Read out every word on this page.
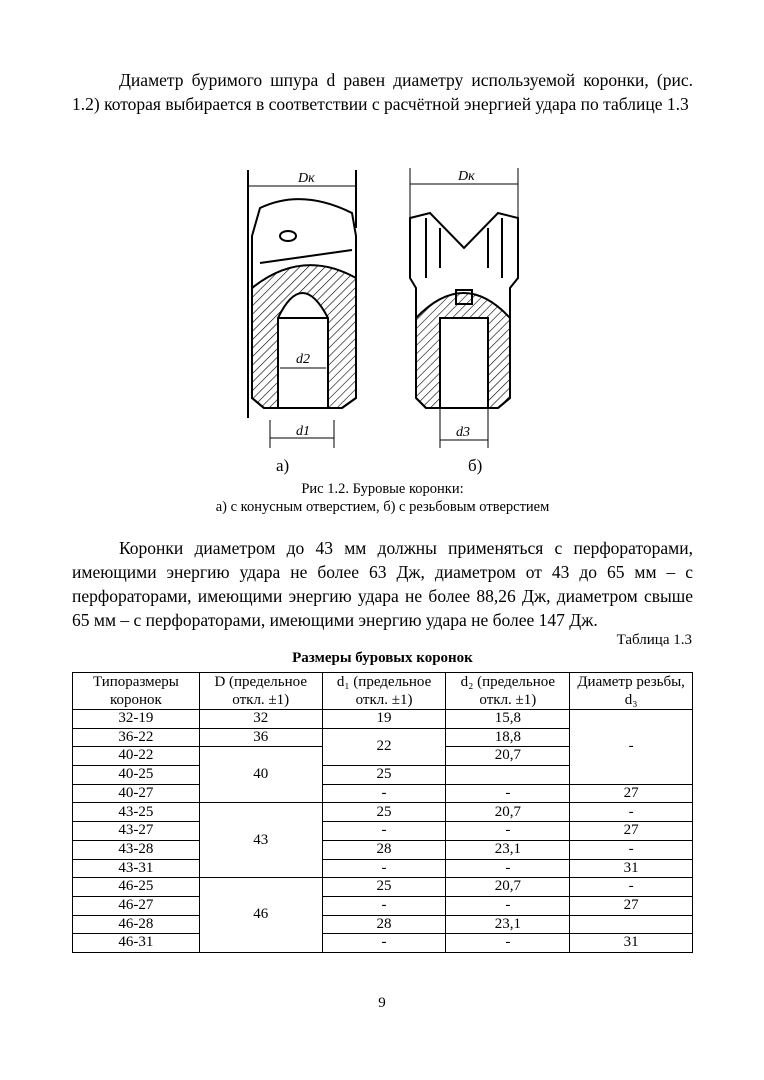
Диаметр буримого шпура d равен диаметру используемой коронки, (рис. 1.2) которая выбирается в соответствии с расчётной энергией удара по таблице 1.3

Dк
d2
d1
Dк
d3
а)	б)
Рис 1.2. Буровые коронки:
а) с конусным отверстием, б) с резьбовым отверстием

Коронки диаметром до 43 мм должны применяться с перфораторами, имеющими энергию удара не более 63 Дж, диаметром от 43 до 65 мм – с перфораторами, имеющими энергию удара не более 88,26 Дж, диаметром свыше 65 мм – с перфораторами, имеющими энергию удара не более 147 Дж.

Таблица 1.3
Размеры буровых коронок
Типоразмеры коронок	D (предельное откл. ±1)	d₁ (предельное откл. ±1)	d₂ (предельное откл. ±1)	Диаметр резьбы, d₃
32-19	32	19	15,8	-
36-22	36	22	18,8	
40-22	40		20,7	
40-25		25		
40-27		-	-	27
43-25	43	25	20,7	-
43-27		-	-	27
43-28		28	23,1	-
43-31		-	-	31
46-25	46	25	20,7	-
46-27		-	-	27
46-28		28	23,1	
46-31		-	-	31
9
